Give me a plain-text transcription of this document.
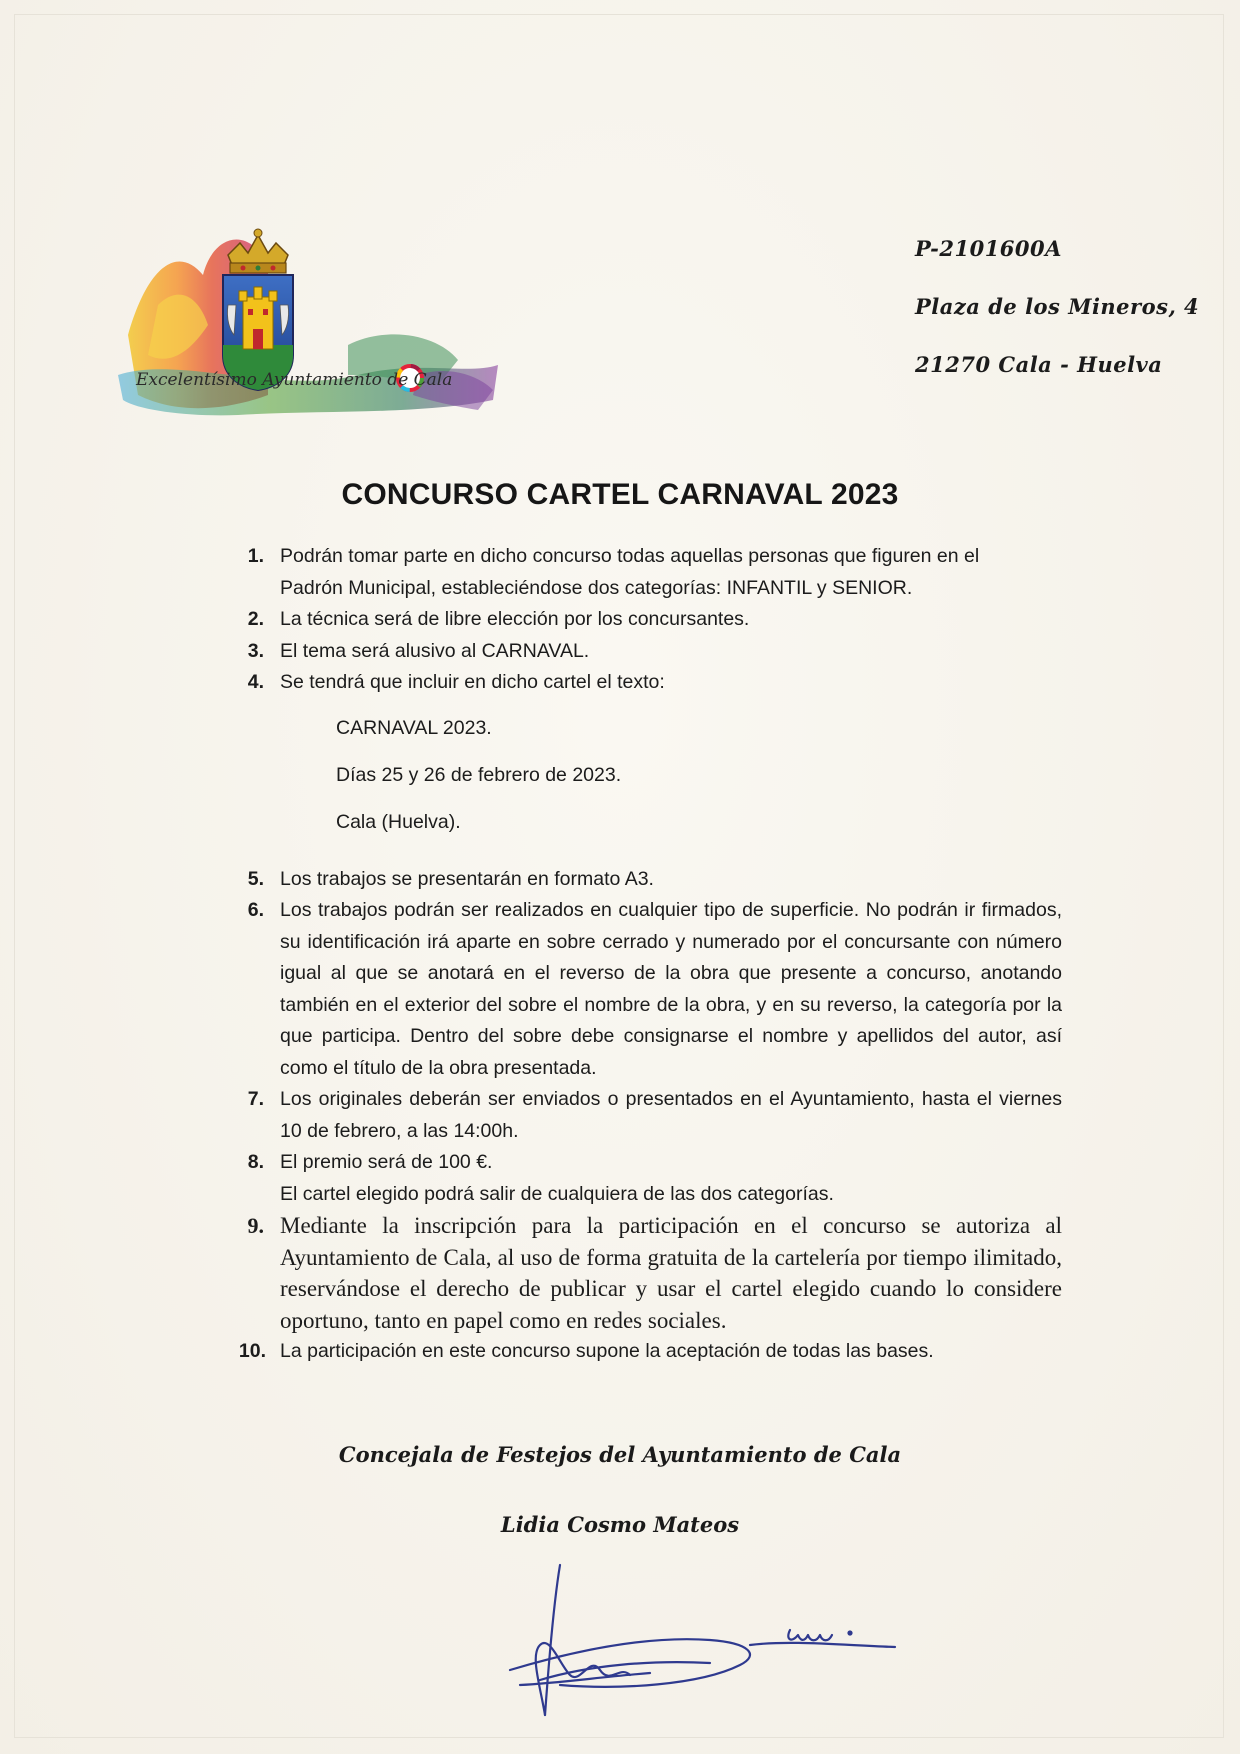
Excelentísimo Ayuntamiento de Cala
P-2101600A
Plaza de los Mineros, 4
21270 Cala - Huelva
CONCURSO CARTEL CARNAVAL 2023
1. Podrán tomar parte en dicho concurso todas aquellas personas que figuren en el
Padrón Municipal, estableciéndose dos categorías: INFANTIL y SENIOR.
2. La técnica será de libre elección por los concursantes.
3. El tema será alusivo al CARNAVAL.
4. Se tendrá que incluir en dicho cartel el texto:
CARNAVAL 2023.
Días 25 y 26 de febrero de 2023.
Cala (Huelva).
5. Los trabajos se presentarán en formato A3.
6. Los trabajos podrán ser realizados en cualquier tipo de superficie. No podrán ir firmados, su identificación irá aparte en sobre cerrado y numerado por el concursante con número igual al que se anotará en el reverso de la obra que presente a concurso, anotando también en el exterior del sobre el nombre de la obra, y en su reverso, la categoría por la que participa. Dentro del sobre debe consignarse el nombre y apellidos del autor, así como el título de la obra presentada.
7. Los originales deberán ser enviados o presentados en el Ayuntamiento, hasta el viernes 10 de febrero, a las 14:00h.
8. El premio será de 100 €.
El cartel elegido podrá salir de cualquiera de las dos categorías.
9. Mediante la inscripción para la participación en el concurso se autoriza al Ayuntamiento de Cala, al uso de forma gratuita de la cartelería por tiempo ilimitado, reservándose el derecho de publicar y usar el cartel elegido cuando lo considere oportuno, tanto en papel como en redes sociales.
10. La participación en este concurso supone la aceptación de todas las bases.
Concejala de Festejos del Ayuntamiento de Cala
Lidia Cosmo Mateos
